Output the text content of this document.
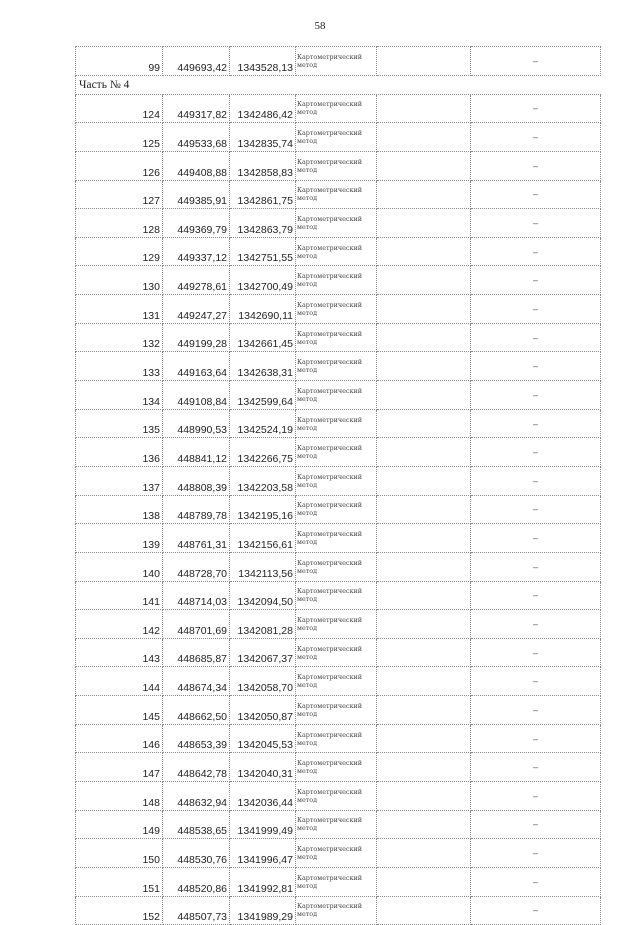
58
99	449693,42	1343528,13	Картометрический метод		–
Часть № 4					
124	449317,82	1342486,42	Картометрический метод		–
125	449533,68	1342835,74	Картометрический метод		–
126	449408,88	1342858,83	Картометрический метод		–
127	449385,91	1342861,75	Картометрический метод		–
128	449369,79	1342863,79	Картометрический метод		–
129	449337,12	1342751,55	Картометрический метод		–
130	449278,61	1342700,49	Картометрический метод		–
131	449247,27	1342690,11	Картометрический метод		–
132	449199,28	1342661,45	Картометрический метод		–
133	449163,64	1342638,31	Картометрический метод		–
134	449108,84	1342599,64	Картометрический метод		–
135	448990,53	1342524,19	Картометрический метод		–
136	448841,12	1342266,75	Картометрический метод		–
137	448808,39	1342203,58	Картометрический метод		–
138	448789,78	1342195,16	Картометрический метод		–
139	448761,31	1342156,61	Картометрический метод		–
140	448728,70	1342113,56	Картометрический метод		–
141	448714,03	1342094,50	Картометрический метод		–
142	448701,69	1342081,28	Картометрический метод		–
143	448685,87	1342067,37	Картометрический метод		–
144	448674,34	1342058,70	Картометрический метод		–
145	448662,50	1342050,87	Картометрический метод		–
146	448653,39	1342045,53	Картометрический метод		–
147	448642,78	1342040,31	Картометрический метод		–
148	448632,94	1342036,44	Картометрический метод		–
149	448538,65	1341999,49	Картометрический метод		–
150	448530,76	1341996,47	Картометрический метод		–
151	448520,86	1341992,81	Картометрический метод		–
152	448507,73	1341989,29	Картометрический метод		–
